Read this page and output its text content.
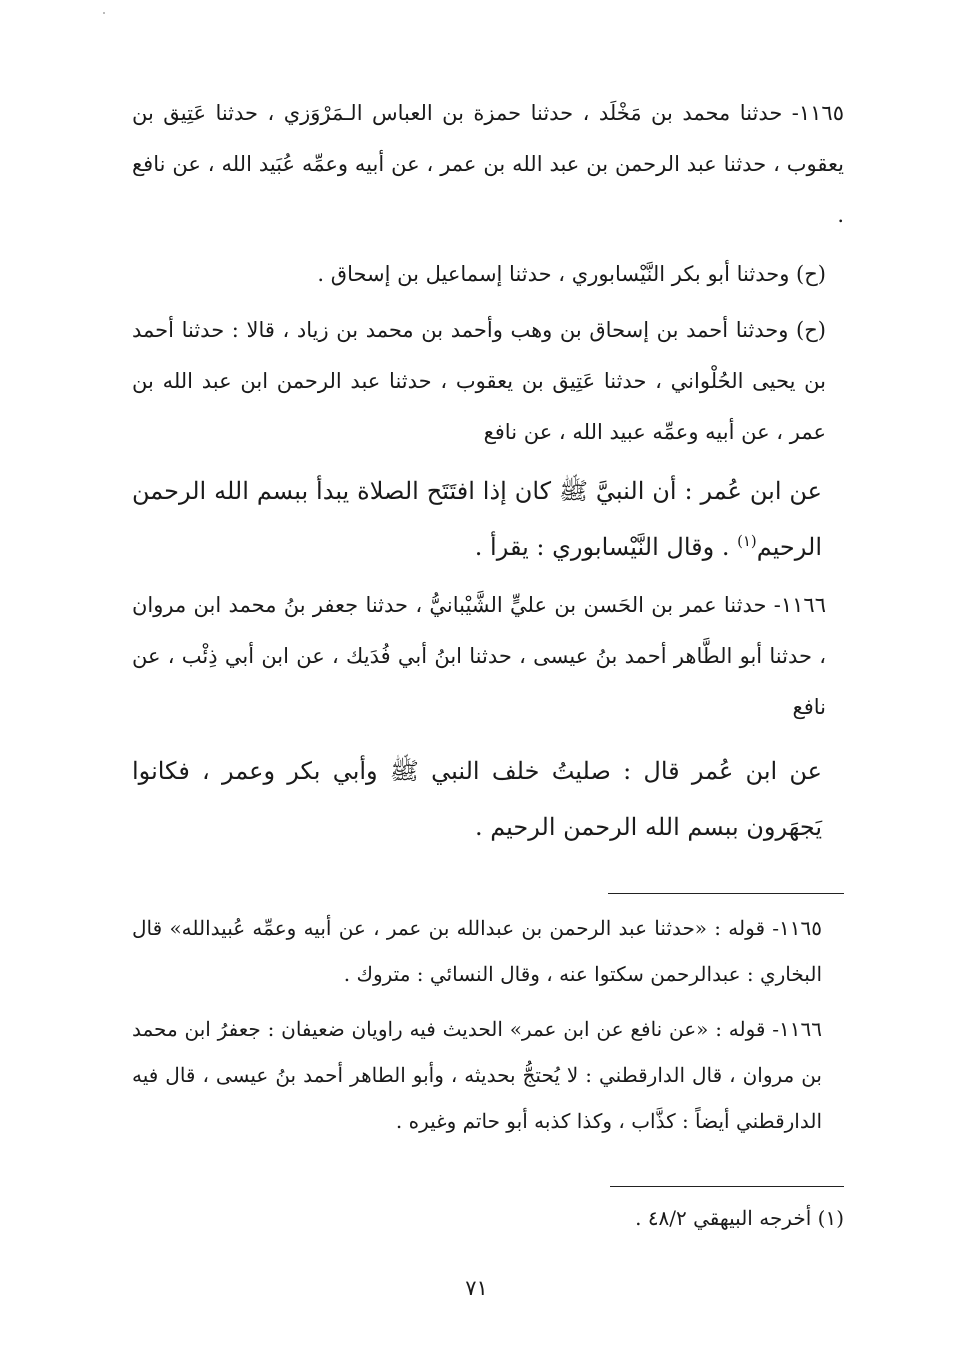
١١٦٥- حدثنا محمد بن مَخْلَد ، حدثنا حمزة بن العباس الـمَرْوَزي ، حدثنا عَتِيق بن يعقوب ، حدثنا عبد الرحمن بن عبد الله بن عمر ، عن أبيه وعمِّه عُبَيد الله ، عن نافع .

(ح) وحدثنا أبو بكر النَّيْسابوري ، حدثنا إسماعيل بن إسحاق .

(ح) وحدثنا أحمد بن إسحاق بن وهب وأحمد بن محمد بن زياد ، قالا : حدثنا أحمد بن يحيى الحُلْواني ، حدثنا عَتِيق بن يعقوب ، حدثنا عبد الرحمن ابن عبد الله بن عمر ، عن أبيه وعمِّه عبيد الله ، عن نافع

عن ابن عُمر : أن النبيَّ ﷺ كان إذا افتَتَح الصلاة يبدأ ببسم الله الرحمن الرحيم$^{(١)}$ . وقال النَّيْسابوري : يقرأ .

١١٦٦- حدثنا عمر بن الحَسن بن عليٍّ الشَّيْبانيُّ ، حدثنا جعفر بنُ محمد ابن مروان ، حدثنا أبو الطَّاهر أحمد بنُ عيسى ، حدثنا ابنُ أبي فُدَيك ، عن ابن أبي ذِئْب ، عن نافع

عن ابن عُمر قال : صليتُ خلف النبي ﷺ وأبي بكر وعمر ، فكانوا يَجهَرون ببسم الله الرحمن الرحيم .

١١٦٥- قوله : «حدثنا عبد الرحمن بن عبدالله بن عمر ، عن أبيه وعمِّه عُبيدالله» قال البخاري : عبدالرحمن سكتوا عنه ، وقال النسائي : متروك .

١١٦٦- قوله : «عن نافع عن ابن عمر» الحديث فيه راويان ضعيفان : جعفرُ ابن محمد بن مروان ، قال الدارقطني : لا يُحتجُّ بحديثه ، وأبو الطاهر أحمد بنُ عيسى ، قال فيه الدارقطني أيضاً : كذَّاب ، وكذا كذبه أبو حاتم وغيره .

(١) أخرجه البيهقي ٤٨/٢ .

٧١
